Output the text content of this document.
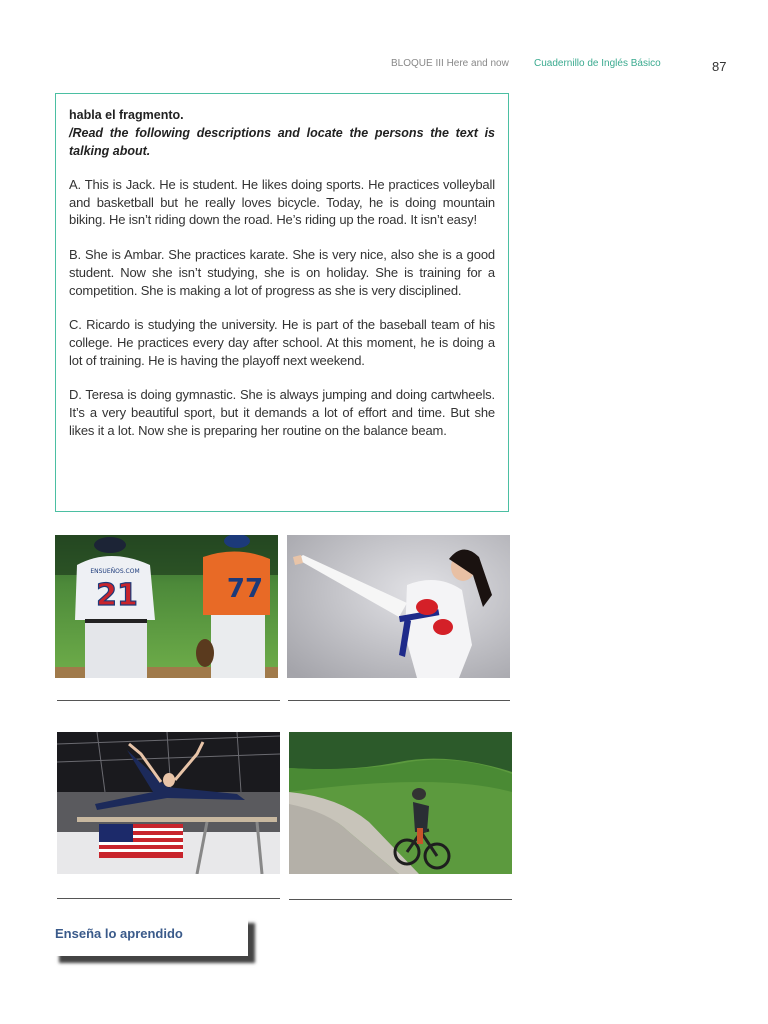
BLOQUE III Here and now	Cuadernillo de Inglés Básico	87

habla el fragmento.

/Read the following descriptions and locate the persons the text is talking about.

A. This is Jack. He is student. He likes doing sports. He practices volleyball and basketball but he really loves bicycle. Today, he is doing mountain biking. He isn’t riding down the road. He’s riding up the road. It isn’t easy!

B. She is Ambar. She practices karate. She is very nice, also she is a good student. Now she isn’t studying, she is on holiday. She is training for a competition. She is making a lot of progress as she is very disciplined.

C. Ricardo is studying the university. He is part of the baseball team of his college. He practices every day after school. At this moment, he is doing a lot of training. He is having the playoff next weekend.

D. Teresa is doing gymnastic. She is always jumping and doing cartwheels. It’s a very beautiful sport, but it demands a lot of effort and time. But she likes it a lot. Now she is preparing her routine on the balance beam.

ENSUEÑOS.COM
21	77
Enseña lo aprendido
